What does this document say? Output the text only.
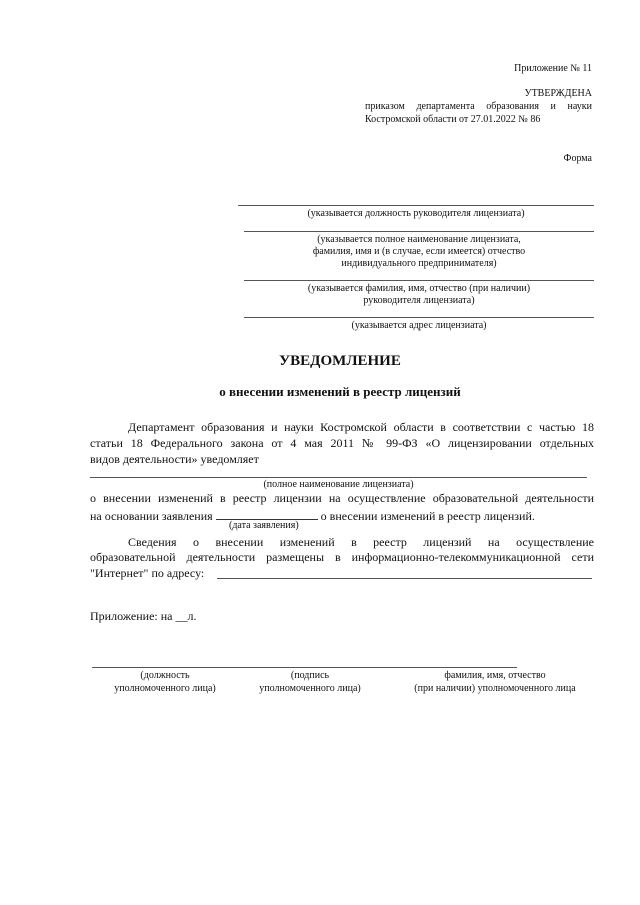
Приложение № 11
УТВЕРЖДЕНА
приказом департамента образования и науки
Костромской области от 27.01.2022 № 86
Форма
(указывается должность руководителя лицензиата)
(указывается полное наименование лицензиата,
фамилия, имя и (в случае, если имеется) отчество
индивидуального предпринимателя)
(указывается фамилия, имя, отчество (при наличии)
руководителя лицензиата)
(указывается адрес лицензиата)
УВЕДОМЛЕНИЕ
о внесении изменений в реестр лицензий
Департамент образования и науки Костромской области в соответствии с частью 18
статьи 18 Федерального закона от 4 мая 2011 № 99-ФЗ «О лицензировании отдельных
видов деятельности» уведомляет
(полное наименование лицензиата)
о внесении изменений в реестр лицензии на осуществление образовательной деятельности
на основании заявления	о внесении изменений в реестр лицензий.
(дата заявления)
Сведения о внесении изменений в реестр лицензий на осуществление
образовательной деятельности размещены в информационно-телекоммуникационной сети
"Интернет" по адресу:
Приложение: на __л.
(должность
уполномоченного лица)
(подпись
уполномоченного лица)
фамилия, имя, отчество
(при наличии) уполномоченного лица
